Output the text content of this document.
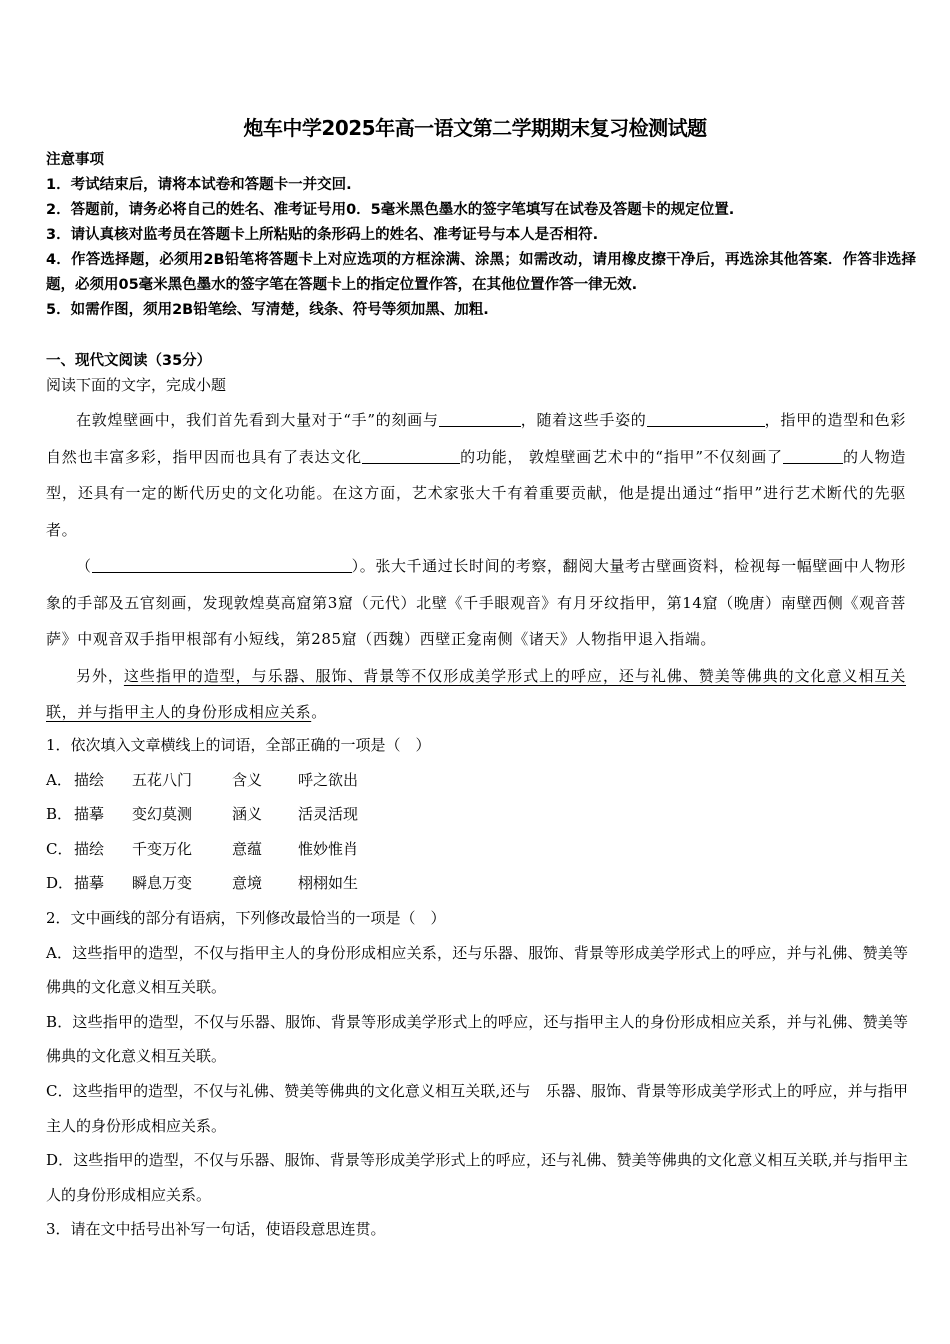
炮车中学2025年高一语文第二学期期末复习检测试题
注意事项
1．考试结束后，请将本试卷和答题卡一并交回.
2．答题前，请务必将自己的姓名、准考证号用0．5毫米黑色墨水的签字笔填写在试卷及答题卡的规定位置.
3．请认真核对监考员在答题卡上所粘贴的条形码上的姓名、准考证号与本人是否相符.
4．作答选择题，必须用2B铅笔将答题卡上对应选项的方框涂满、涂黑；如需改动，请用橡皮擦干净后，再选涂其他答案．作答非选择题，必须用05毫米黑色墨水的签字笔在答题卡上的指定位置作答，在其他位置作答一律无效.
5．如需作图，须用2B铅笔绘、写清楚，线条、符号等须加黑、加粗.
一、现代文阅读（35分）
阅读下面的文字，完成小题

在敦煌壁画中，我们首先看到大量对于“手”的刻画与	，随着这些手姿的	，指甲的造型和色彩自然也丰富多彩，指甲因而也具有了表达文化	的功能， 敦煌壁画艺术中的“指甲”不仅刻画了	的人物造型，还具有一定的断代历史的文化功能。在这方面，艺术家张大千有着重要贡献，他是提出通过“指甲”进行艺术断代的先驱者。

（	）。张大千通过长时间的考察，翻阅大量考古壁画资料，检视每一幅壁画中人物形象的手部及五官刻画，发现敦煌莫高窟第3窟（元代）北壁《千手眼观音》有月牙纹指甲，第14窟（晚唐）南壁西侧《观音菩萨》中观音双手指甲根部有小短线，第285窟（西魏）西壁正龛南侧《诸天》人物指甲退入指端。

另外，这些指甲的造型，与乐器、服饰、背景等不仅形成美学形式上的呼应，还与礼佛、赞美等佛典的文化意义相互关联，并与指甲主人的身份形成相应关系。

1．依次填入文章横线上的词语，全部正确的一项是（　）
A． 描绘 五花八门	含义 呼之欲出
B． 描摹 变幻莫测	涵义 活灵活现
C． 描绘 千变万化	意蕴 惟妙惟肖
D．描摹 瞬息万变	意境 栩栩如生
2．文中画线的部分有语病，下列修改最恰当的一项是（　）
A．这些指甲的造型，不仅与指甲主人的身份形成相应关系，还与乐器、服饰、背景等形成美学形式上的呼应，并与礼佛、赞美等佛典的文化意义相互关联。
B．这些指甲的造型，不仅与乐器、服饰、背景等形成美学形式上的呼应，还与指甲主人的身份形成相应关系，并与礼佛、赞美等佛典的文化意义相互关联。
C．这些指甲的造型，不仅与礼佛、赞美等佛典的文化意义相互关联,还与　乐器、服饰、背景等形成美学形式上的呼应，并与指甲主人的身份形成相应关系。
D．这些指甲的造型，不仅与乐器、服饰、背景等形成美学形式上的呼应，还与礼佛、赞美等佛典的文化意义相互关联,并与指甲主人的身份形成相应关系。
3．请在文中括号出补写一句话，使语段意思连贯。
